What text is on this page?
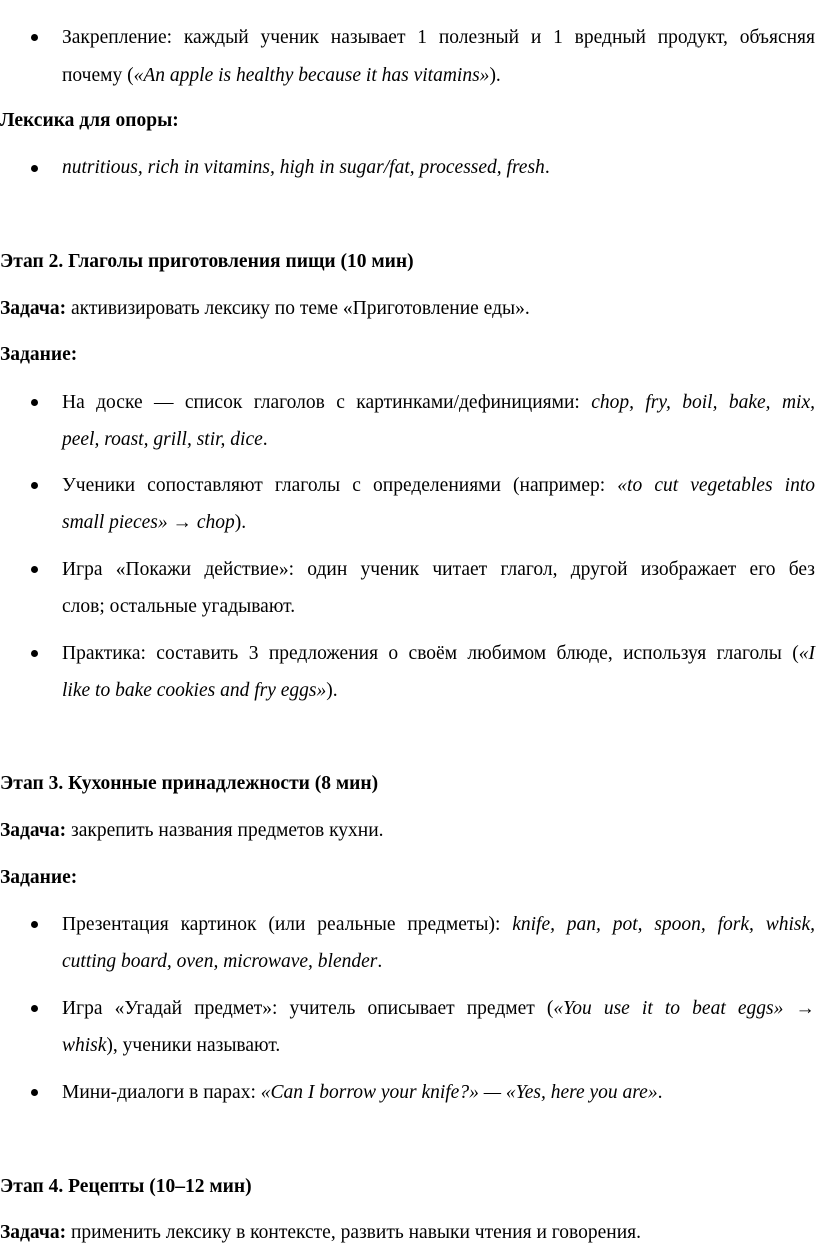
Закрепление: каждый ученик называет 1 полезный и 1 вредный продукт, объясняя
почему («An apple is healthy because it has vitamins»).
Лексика для опоры:
nutritious, rich in vitamins, high in sugar/fat, processed, fresh.
Этап 2. Глаголы приготовления пищи (10 мин)
Задача: активизировать лексику по теме «Приготовление еды».
Задание:
На доске — список глаголов с картинками/дефинициями: chop, fry, boil, bake, mix,
peel, roast, grill, stir, dice.
Ученики сопоставляют глаголы с определениями (например: «to cut vegetables into
small pieces» → chop).
Игра «Покажи действие»: один ученик читает глагол, другой изображает его без
слов; остальные угадывают.
Практика: составить 3 предложения о своём любимом блюде, используя глаголы («I
like to bake cookies and fry eggs»).
Этап 3. Кухонные принадлежности (8 мин)
Задача: закрепить названия предметов кухни.
Задание:
Презентация картинок (или реальные предметы): knife, pan, pot, spoon, fork, whisk,
cutting board, oven, microwave, blender.
Игра «Угадай предмет»: учитель описывает предмет («You use it to beat eggs» →
whisk), ученики называют.
Мини-диалоги в парах: «Can I borrow your knife?» — «Yes, here you are».
Этап 4. Рецепты (10–12 мин)
Задача: применить лексику в контексте, развить навыки чтения и говорения.
